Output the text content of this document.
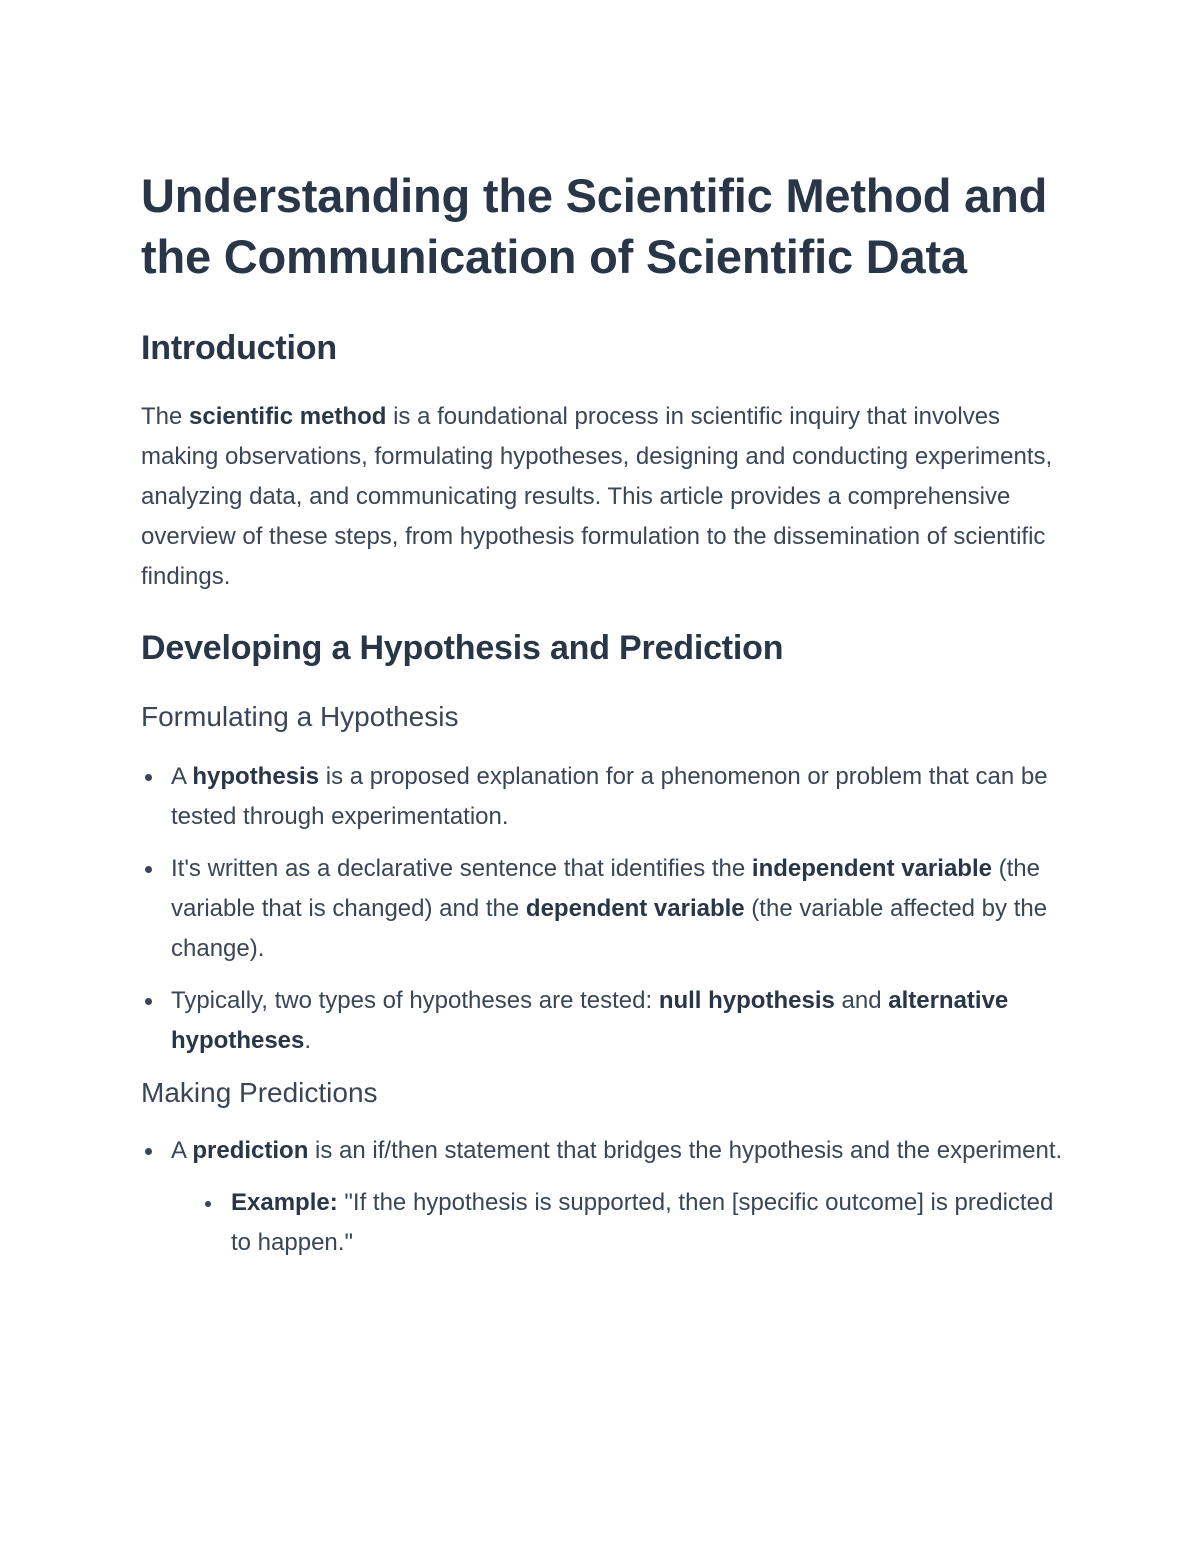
Understanding the Scientific Method and the Communication of Scientific Data
Introduction

The scientific method is a foundational process in scientific inquiry that involves making observations, formulating hypotheses, designing and conducting experiments, analyzing data, and communicating results. This article provides a comprehensive overview of these steps, from hypothesis formulation to the dissemination of scientific findings.

Developing a Hypothesis and Prediction
Formulating a Hypothesis
A hypothesis is a proposed explanation for a phenomenon or problem that can be tested through experimentation.
It's written as a declarative sentence that identifies the independent variable (the variable that is changed) and the dependent variable (the variable affected by the change).
Typically, two types of hypotheses are tested: null hypothesis and alternative hypotheses.
Making Predictions
A prediction is an if/then statement that bridges the hypothesis and the experiment.
Example: "If the hypothesis is supported, then [specific outcome] is predicted to happen."
